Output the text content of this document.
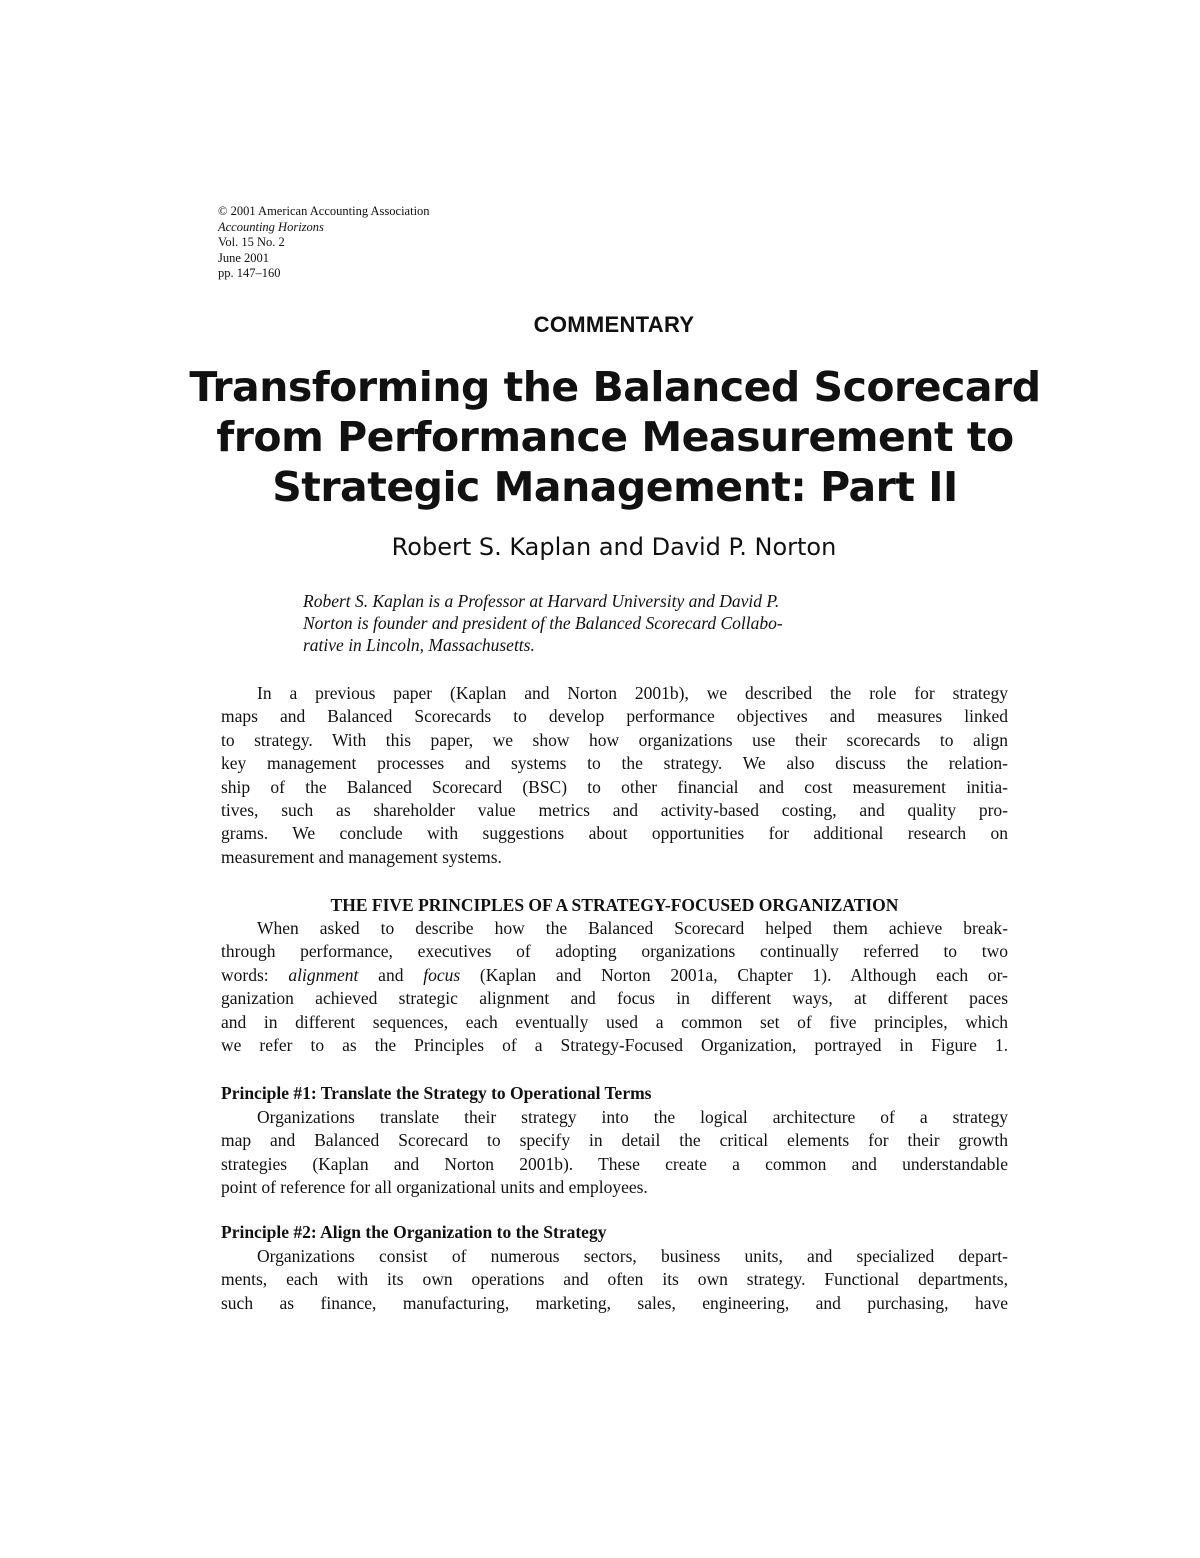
© 2001 American Accounting Association
Accounting Horizons
Vol. 15 No. 2
June 2001
pp. 147–160
COMMENTARY
Transforming the Balanced Scorecard
from Performance Measurement to
Strategic Management: Part II
Robert S. Kaplan and David P. Norton
Robert S. Kaplan is a Professor at Harvard University and David P.
Norton is founder and president of the Balanced Scorecard Collabo-
rative in Lincoln, Massachusetts.
In a previous paper (Kaplan and Norton 2001b), we described the role for strategy
maps and Balanced Scorecards to develop performance objectives and measures linked
to strategy. With this paper, we show how organizations use their scorecards to align
key management processes and systems to the strategy. We also discuss the relation-
ship of the Balanced Scorecard (BSC) to other financial and cost measurement initia-
tives, such as shareholder value metrics and activity-based costing, and quality pro-
grams. We conclude with suggestions about opportunities for additional research on
measurement and management systems.
THE FIVE PRINCIPLES OF A STRATEGY-FOCUSED ORGANIZATION
When asked to describe how the Balanced Scorecard helped them achieve break-
through performance, executives of adopting organizations continually referred to two
words: alignment and focus (Kaplan and Norton 2001a, Chapter 1). Although each or-
ganization achieved strategic alignment and focus in different ways, at different paces
and in different sequences, each eventually used a common set of five principles, which
we refer to as the Principles of a Strategy-Focused Organization, portrayed in Figure 1.
Principle #1: Translate the Strategy to Operational Terms
Organizations translate their strategy into the logical architecture of a strategy
map and Balanced Scorecard to specify in detail the critical elements for their growth
strategies (Kaplan and Norton 2001b). These create a common and understandable
point of reference for all organizational units and employees.
Principle #2: Align the Organization to the Strategy
Organizations consist of numerous sectors, business units, and specialized depart-
ments, each with its own operations and often its own strategy. Functional departments,
such as finance, manufacturing, marketing, sales, engineering, and purchasing, have
